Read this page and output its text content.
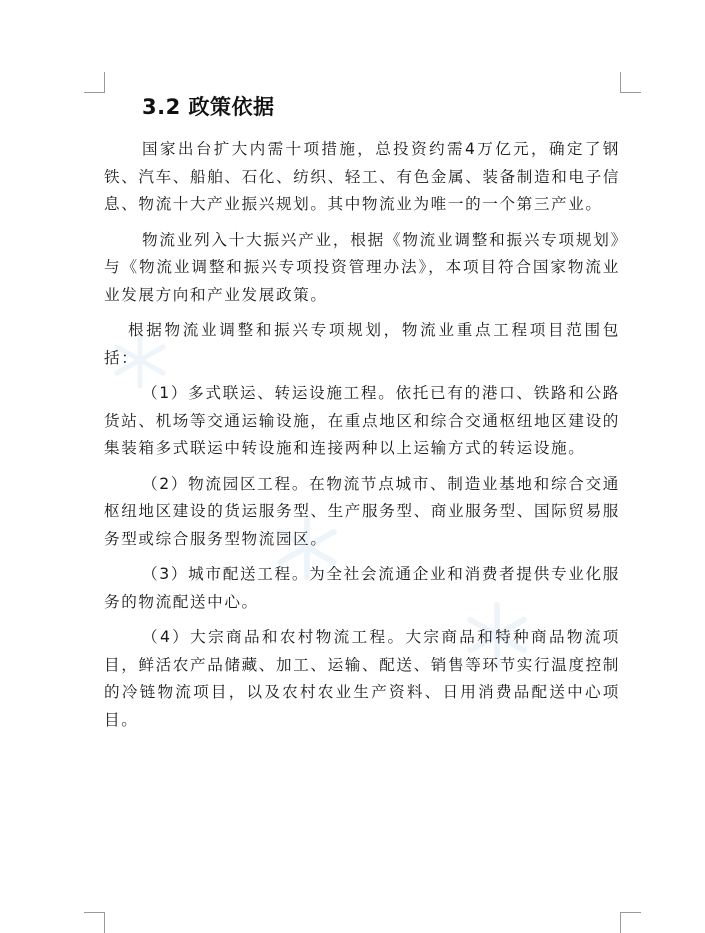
3.2 政策依据

国家出台扩大内需十项措施，总投资约需4万亿元，确定了钢铁、汽车、船舶、石化、纺织、轻工、有色金属、装备制造和电子信息、物流十大产业振兴规划。其中物流业为唯一的一个第三产业。

物流业列入十大振兴产业，根据《物流业调整和振兴专项规划》与《物流业调整和振兴专项投资管理办法》，本项目符合国家物流业业发展方向和产业发展政策。

根据物流业调整和振兴专项规划，物流业重点工程项目范围包括：

（1）多式联运、转运设施工程。依托已有的港口、铁路和公路货站、机场等交通运输设施，在重点地区和综合交通枢纽地区建设的集装箱多式联运中转设施和连接两种以上运输方式的转运设施。

（2）物流园区工程。在物流节点城市、制造业基地和综合交通枢纽地区建设的货运服务型、生产服务型、商业服务型、国际贸易服务型或综合服务型物流园区。

（3）城市配送工程。为全社会流通企业和消费者提供专业化服务的物流配送中心。

（4）大宗商品和农村物流工程。大宗商品和特种商品物流项目，鲜活农产品储藏、加工、运输、配送、销售等环节实行温度控制的冷链物流项目，以及农村农业生产资料、日用消费品配送中心项目。
